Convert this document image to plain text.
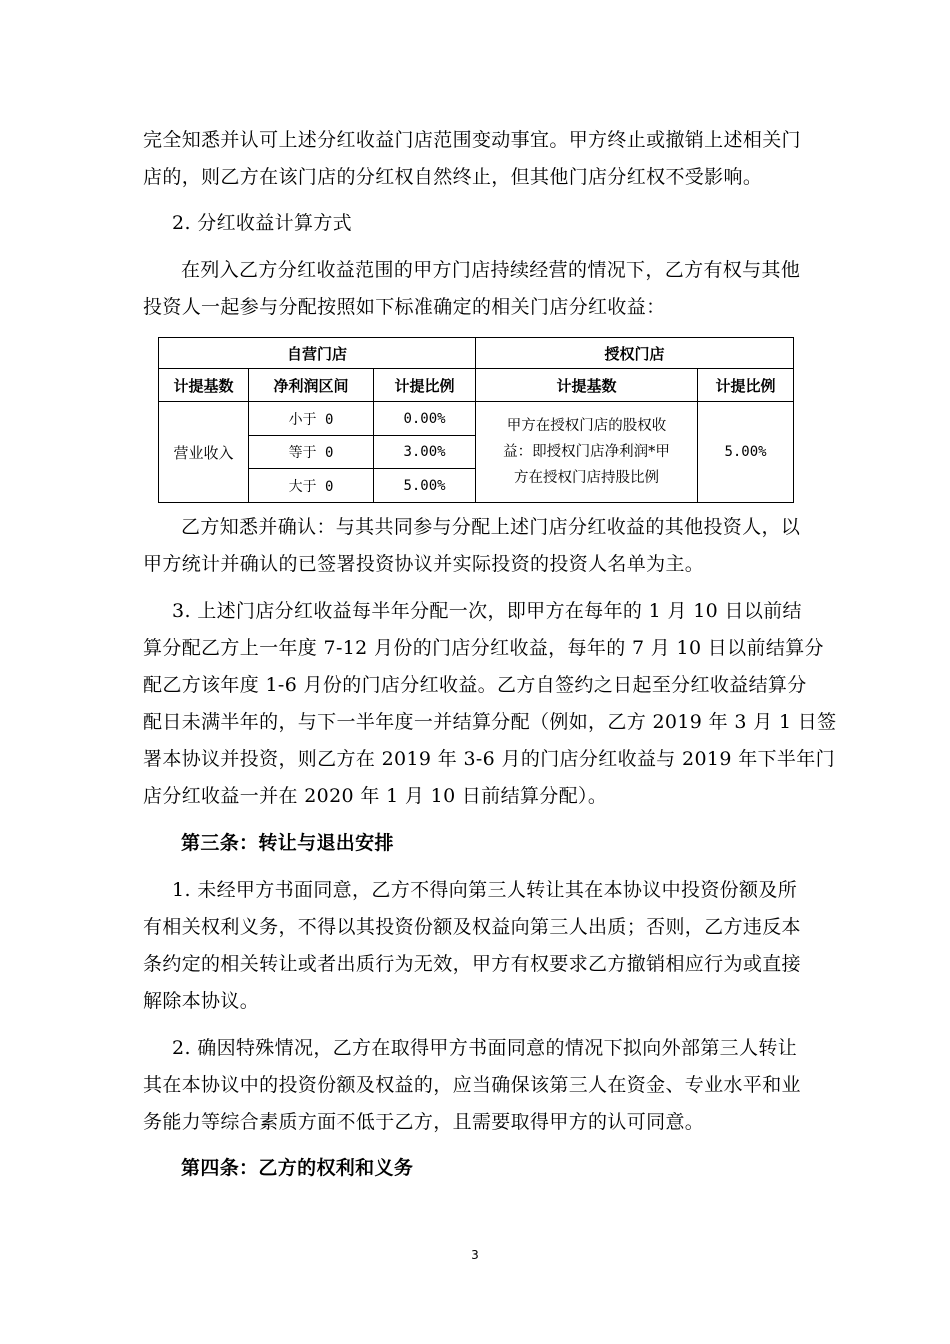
完全知悉并认可上述分红收益门店范围变动事宜。甲方终止或撤销上述相关门
店的，则乙方在该门店的分红权自然终止，但其他门店分红权不受影响。
2. 分红收益计算方式
在列入乙方分红收益范围的甲方门店持续经营的情况下，乙方有权与其他
投资人一起参与分配按照如下标准确定的相关门店分红收益：
自营门店			授权门店	
计提基数	净利润区间	计提比例	计提基数	计提比例
营业收入	小于 0	0.00%	甲方在授权门店的股权收
益：即授权门店净利润*甲
方在授权门店持股比例	5.00%
	等于 0	3.00%		
	大于 0	5.00%		
乙方知悉并确认：与其共同参与分配上述门店分红收益的其他投资人，以
甲方统计并确认的已签署投资协议并实际投资的投资人名单为主。
3. 上述门店分红收益每半年分配一次，即甲方在每年的 1 月 10 日以前结
算分配乙方上一年度 7-12 月份的门店分红收益，每年的 7 月 10 日以前结算分
配乙方该年度 1-6 月份的门店分红收益。乙方自签约之日起至分红收益结算分
配日未满半年的，与下一半年度一并结算分配（例如，乙方 2019 年 3 月 1 日签
署本协议并投资，则乙方在 2019 年 3-6 月的门店分红收益与 2019 年下半年门
店分红收益一并在 2020 年 1 月 10 日前结算分配）。
第三条：转让与退出安排
1. 未经甲方书面同意，乙方不得向第三人转让其在本协议中投资份额及所
有相关权利义务，不得以其投资份额及权益向第三人出质；否则，乙方违反本
条约定的相关转让或者出质行为无效，甲方有权要求乙方撤销相应行为或直接
解除本协议。
2. 确因特殊情况，乙方在取得甲方书面同意的情况下拟向外部第三人转让
其在本协议中的投资份额及权益的，应当确保该第三人在资金、专业水平和业
务能力等综合素质方面不低于乙方，且需要取得甲方的认可同意。
第四条：乙方的权利和义务
3
